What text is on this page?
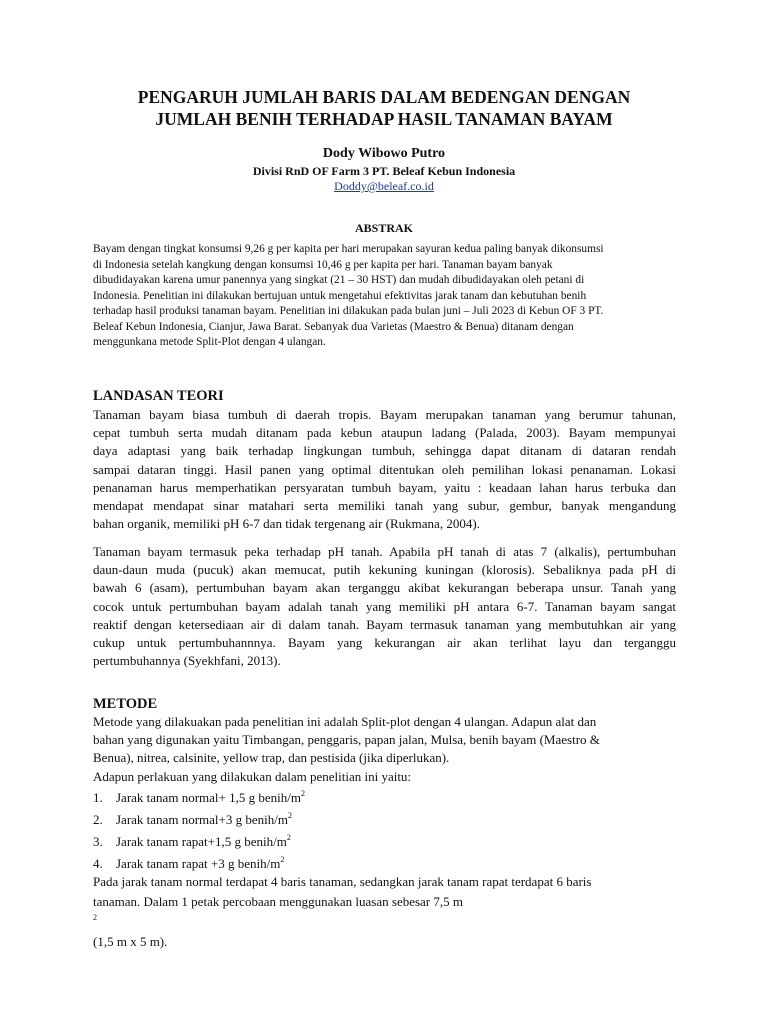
PENGARUH JUMLAH BARIS DALAM BEDENGAN DENGAN
JUMLAH BENIH TERHADAP HASIL TANAMAN BAYAM
Dody Wibowo Putro
Divisi RnD OF Farm 3 PT. Beleaf Kebun Indonesia
Doddy@beleaf.co.id
ABSTRAK
Bayam dengan tingkat konsumsi 9,26 g per kapita per hari merupakan sayuran kedua paling banyak dikonsumsi
di Indonesia setelah kangkung dengan konsumsi 10,46 g per kapita per hari. Tanaman bayam banyak
dibudidayakan karena umur panennya yang singkat (21 – 30 HST) dan mudah dibudidayakan oleh petani di
Indonesia. Penelitian ini dilakukan bertujuan untuk mengetahui efektivitas jarak tanam dan kebutuhan benih
terhadap hasil produksi tanaman bayam. Penelitian ini dilakukan pada bulan juni – Juli 2023 di Kebun OF 3 PT.
Beleaf Kebun Indonesia, Cianjur, Jawa Barat. Sebanyak dua Varietas (Maestro & Benua) ditanam dengan
menggunkana metode Split-Plot dengan 4 ulangan.
LANDASAN TEORI
Tanaman bayam biasa tumbuh di daerah tropis. Bayam merupakan tanaman yang berumur tahunan,
cepat tumbuh serta mudah ditanam pada kebun ataupun ladang (Palada, 2003). Bayam mempunyai
daya adaptasi yang baik terhadap lingkungan tumbuh, sehingga dapat ditanam di dataran rendah
sampai dataran tinggi. Hasil panen yang optimal ditentukan oleh pemilihan lokasi penanaman. Lokasi
penanaman harus memperhatikan persyaratan tumbuh bayam, yaitu : keadaan lahan harus terbuka dan
mendapat mendapat sinar matahari serta memiliki tanah yang subur, gembur, banyak mengandung
bahan organik, memiliki pH 6-7 dan tidak tergenang air (Rukmana, 2004).
Tanaman bayam termasuk peka terhadap pH tanah. Apabila pH tanah di atas 7 (alkalis), pertumbuhan
daun-daun muda (pucuk) akan memucat, putih kekuning kuningan (klorosis). Sebaliknya pada pH di
bawah 6 (asam), pertumbuhan bayam akan terganggu akibat kekurangan beberapa unsur. Tanah yang
cocok untuk pertumbuhan bayam adalah tanah yang memiliki pH antara 6-7. Tanaman bayam sangat
reaktif dengan ketersediaan air di dalam tanah. Bayam termasuk tanaman yang membutuhkan air yang
cukup untuk pertumbuhannnya. Bayam yang kekurangan air akan terlihat layu dan terganggu
pertumbuhannya (Syekhfani, 2013).
METODE
Metode yang dilakuakan pada penelitian ini adalah Split-plot dengan 4 ulangan. Adapun alat dan
bahan yang digunakan yaitu Timbangan, penggaris, papan jalan, Mulsa, benih bayam (Maestro &
Benua), nitrea, calsinite, yellow trap, dan pestisida (jika diperlukan).
Adapun perlakuan yang dilakukan dalam penelitian ini yaitu:
1. Jarak tanam normal+ 1,5 g benih/$m^2$
2. Jarak tanam normal+3 g benih/$m^2$
3. Jarak tanam rapat+1,5 g benih/$m^2$
4. Jarak tanam rapat +3 g benih/$m^2$
Pada jarak tanam normal terdapat 4 baris tanaman, sedangkan jarak tanam rapat terdapat 6 baris
tanaman. Dalam 1 petak percobaan menggunakan luasan sebesar 7,5 m
$^2$
(1,5 m x 5 m).
